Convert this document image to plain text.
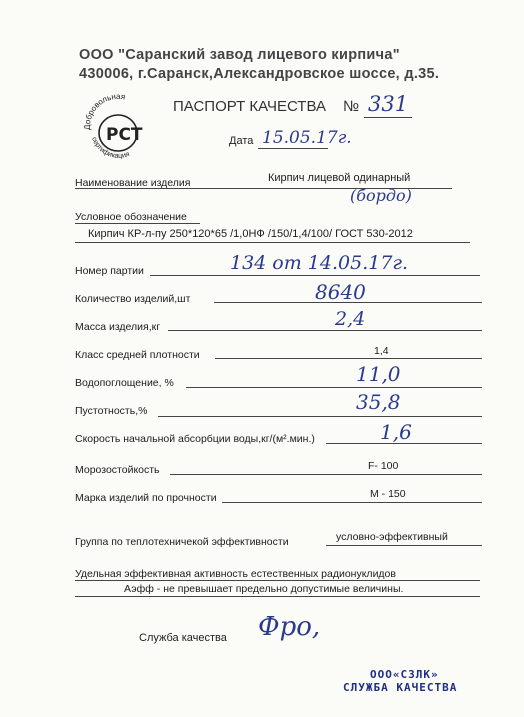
ООО "Саранский завод лицевого кирпича"
430006, г.Саранск,Александровское шоссе, д.35.
Добровольная
РСТ
сертификация
ПАСПОРТ КАЧЕСТВА № 331
Дата 15.05.17г.
Наименование изделия	Кирпич лицевой одинарный
(бордо)
Условное обозначение
Кирпич КР-л-пу 250*120*65 /1,0НФ /150/1,4/100/ ГОСТ 530-2012
Номер партии	134 от 14.05.17г.
Количество изделий,шт	8640
Масса изделия,кг	2,4
Класс средней плотности	1,4
Водопоглощение, %	11,0
Пустотность,%	35,8
Скорость начальной абсорбции воды,кг/(м².мин.)	1,6
Морозостойкость	F- 100
Марка изделий по прочности	М - 150
Группа по теплотехничекой эффективности	условно-эффективный
Удельная эффективная активность естественных радионуклидов
Аэфф - не превышает предельно допустимые величины.
Служба качества Фро,
ООО«СЗЛК»
СЛУЖБА КАЧЕСТВА
